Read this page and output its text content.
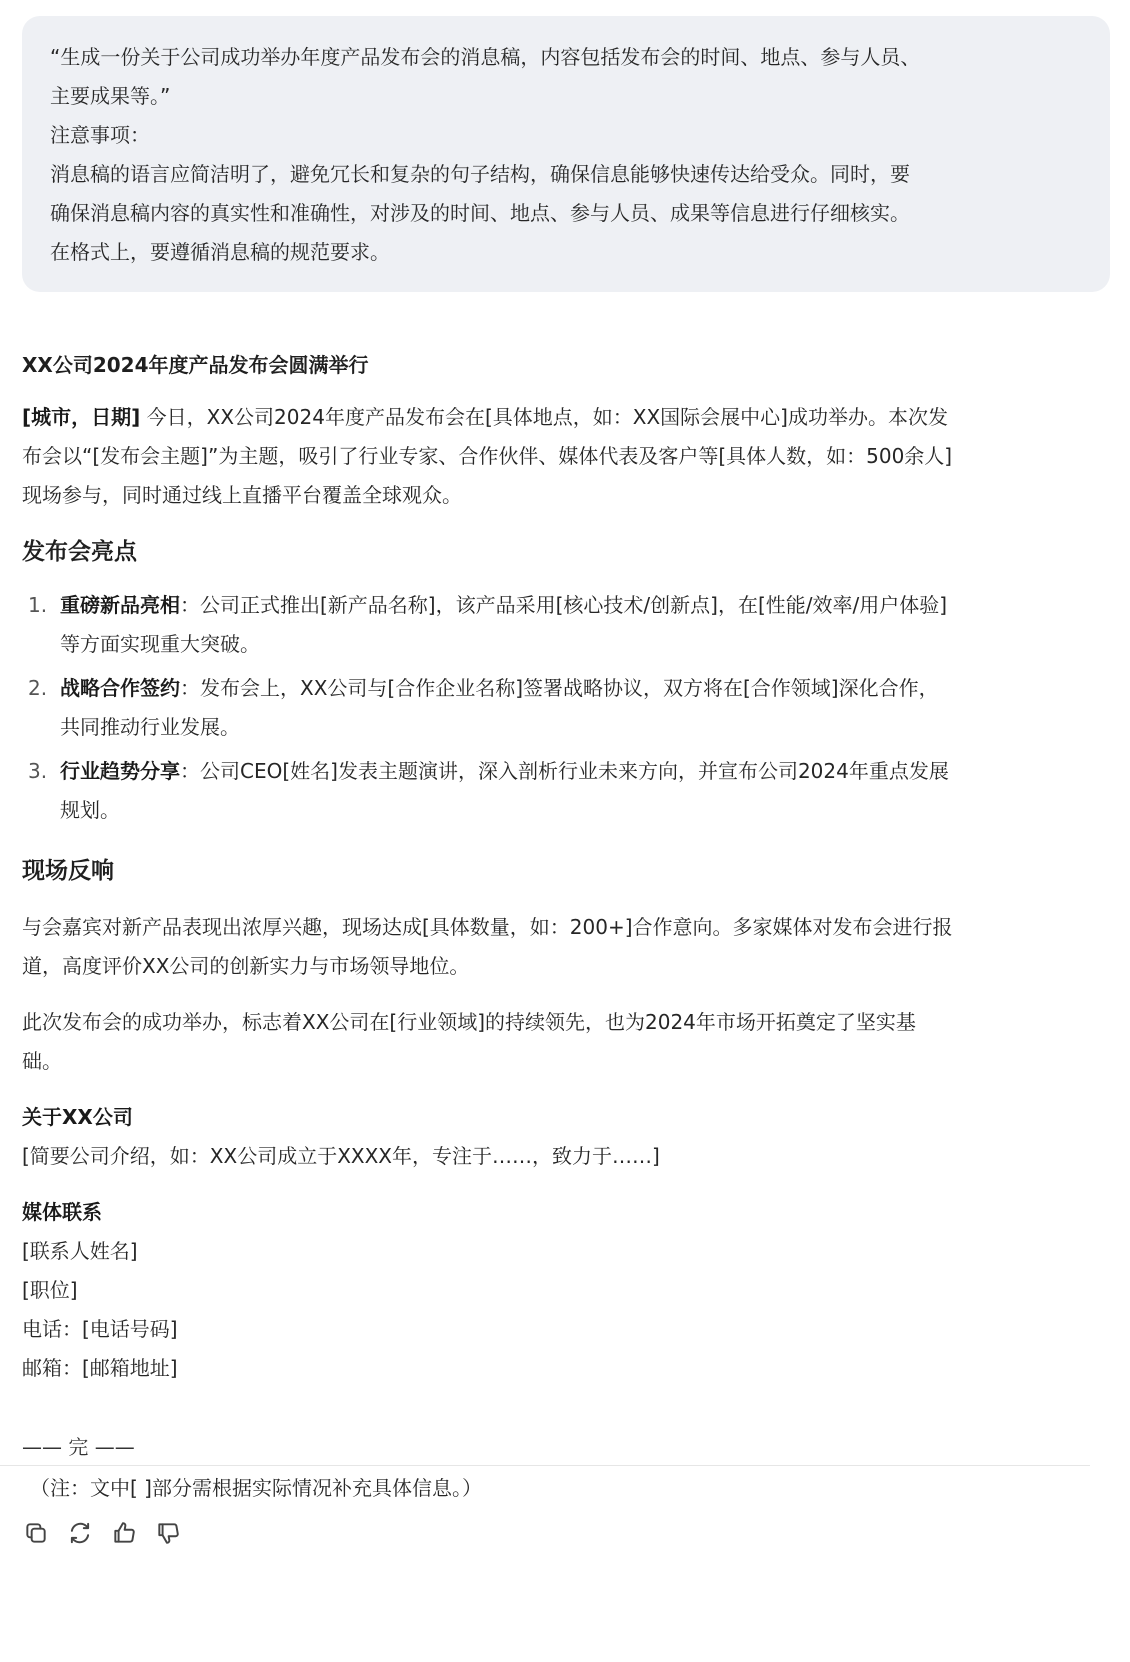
“生成一份关于公司成功举办年度产品发布会的消息稿，内容包括发布会的时间、地点、参与人员、

主要成果等。”

注意事项：

消息稿的语言应简洁明了，避免冗长和复杂的句子结构，确保信息能够快速传达给受众。同时，要

确保消息稿内容的真实性和准确性，对涉及的时间、地点、参与人员、成果等信息进行仔细核实。

在格式上，要遵循消息稿的规范要求。

XX公司2024年度产品发布会圆满举行

[城市，日期] 今日，XX公司2024年度产品发布会在[具体地点，如：XX国际会展中心]成功举办。本次发
布会以“[发布会主题]”为主题，吸引了行业专家、合作伙伴、媒体代表及客户等[具体人数，如：500余人]
现场参与，同时通过线上直播平台覆盖全球观众。

发布会亮点

1. 重磅新品亮相：公司正式推出[新产品名称]，该产品采用[核心技术/创新点]，在[性能/效率/用户体验]
等方面实现重大突破。
2. 战略合作签约：发布会上，XX公司与[合作企业名称]签署战略协议，双方将在[合作领域]深化合作，
共同推动行业发展。
3. 行业趋势分享：公司CEO[姓名]发表主题演讲，深入剖析行业未来方向，并宣布公司2024年重点发展
规划。

现场反响

与会嘉宾对新产品表现出浓厚兴趣，现场达成[具体数量，如：200+]合作意向。多家媒体对发布会进行报
道，高度评价XX公司的创新实力与市场领导地位。

此次发布会的成功举办，标志着XX公司在[行业领域]的持续领先，也为2024年市场开拓奠定了坚实基
础。

关于XX公司

[简要公司介绍，如：XX公司成立于XXXX年，专注于……，致力于……]

媒体联系

[联系人姓名]

[职位]

电话：[电话号码]

邮箱：[邮箱地址]

—— 完 ——

（注：文中[ ]部分需根据实际情况补充具体信息。）
